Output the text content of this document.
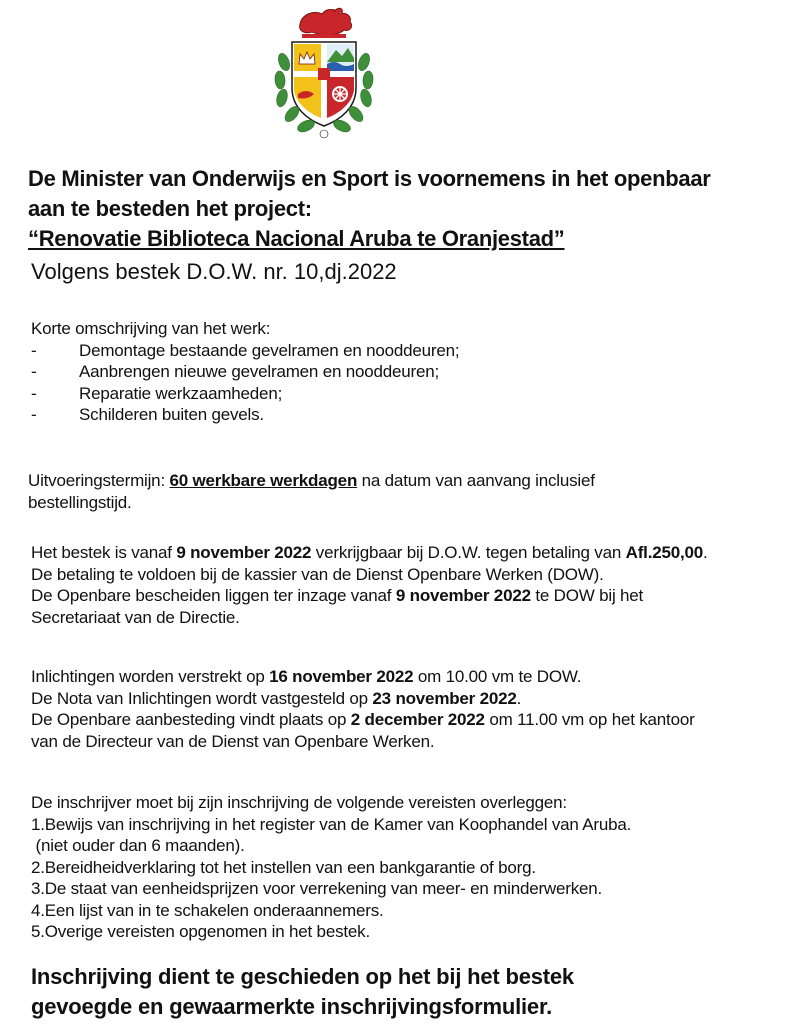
De Minister van Onderwijs en Sport is voornemens in het openbaar
aan te besteden het project:
“Renovatie Biblioteca Nacional Aruba te Oranjestad”
Volgens bestek D.O.W. nr. 10,dj.2022
Korte omschrijving van het werk:
-	Demontage bestaande gevelramen en nooddeuren;
-	Aanbrengen nieuwe gevelramen en nooddeuren;
-	Reparatie werkzaamheden;
-	Schilderen buiten gevels.
Uitvoeringstermijn: 60 werkbare werkdagen na datum van aanvang inclusief
bestellingstijd.
Het bestek is vanaf 9 november 2022 verkrijgbaar bij D.O.W. tegen betaling van Afl.250,00.
De betaling te voldoen bij de kassier van de Dienst Openbare Werken (DOW).
De Openbare bescheiden liggen ter inzage vanaf 9 november 2022 te DOW bij het
Secretariaat van de Directie.
Inlichtingen worden verstrekt op 16 november 2022 om 10.00 vm te DOW.
De Nota van Inlichtingen wordt vastgesteld op 23 november 2022.
De Openbare aanbesteding vindt plaats op 2 december 2022 om 11.00 vm op het kantoor
van de Directeur van de Dienst van Openbare Werken.
De inschrijver moet bij zijn inschrijving de volgende vereisten overleggen:
1.Bewijs van inschrijving in het register van de Kamer van Koophandel van Aruba.
(niet ouder dan 6 maanden).
2.Bereidheidverklaring tot het instellen van een bankgarantie of borg.
3.De staat van eenheidsprijzen voor verrekening van meer- en minderwerken.
4.Een lijst van in te schakelen onderaannemers.
5.Overige vereisten opgenomen in het bestek.
Inschrijving dient te geschieden op het bij het bestek
gevoegde en gewaarmerkte inschrijvingsformulier.
